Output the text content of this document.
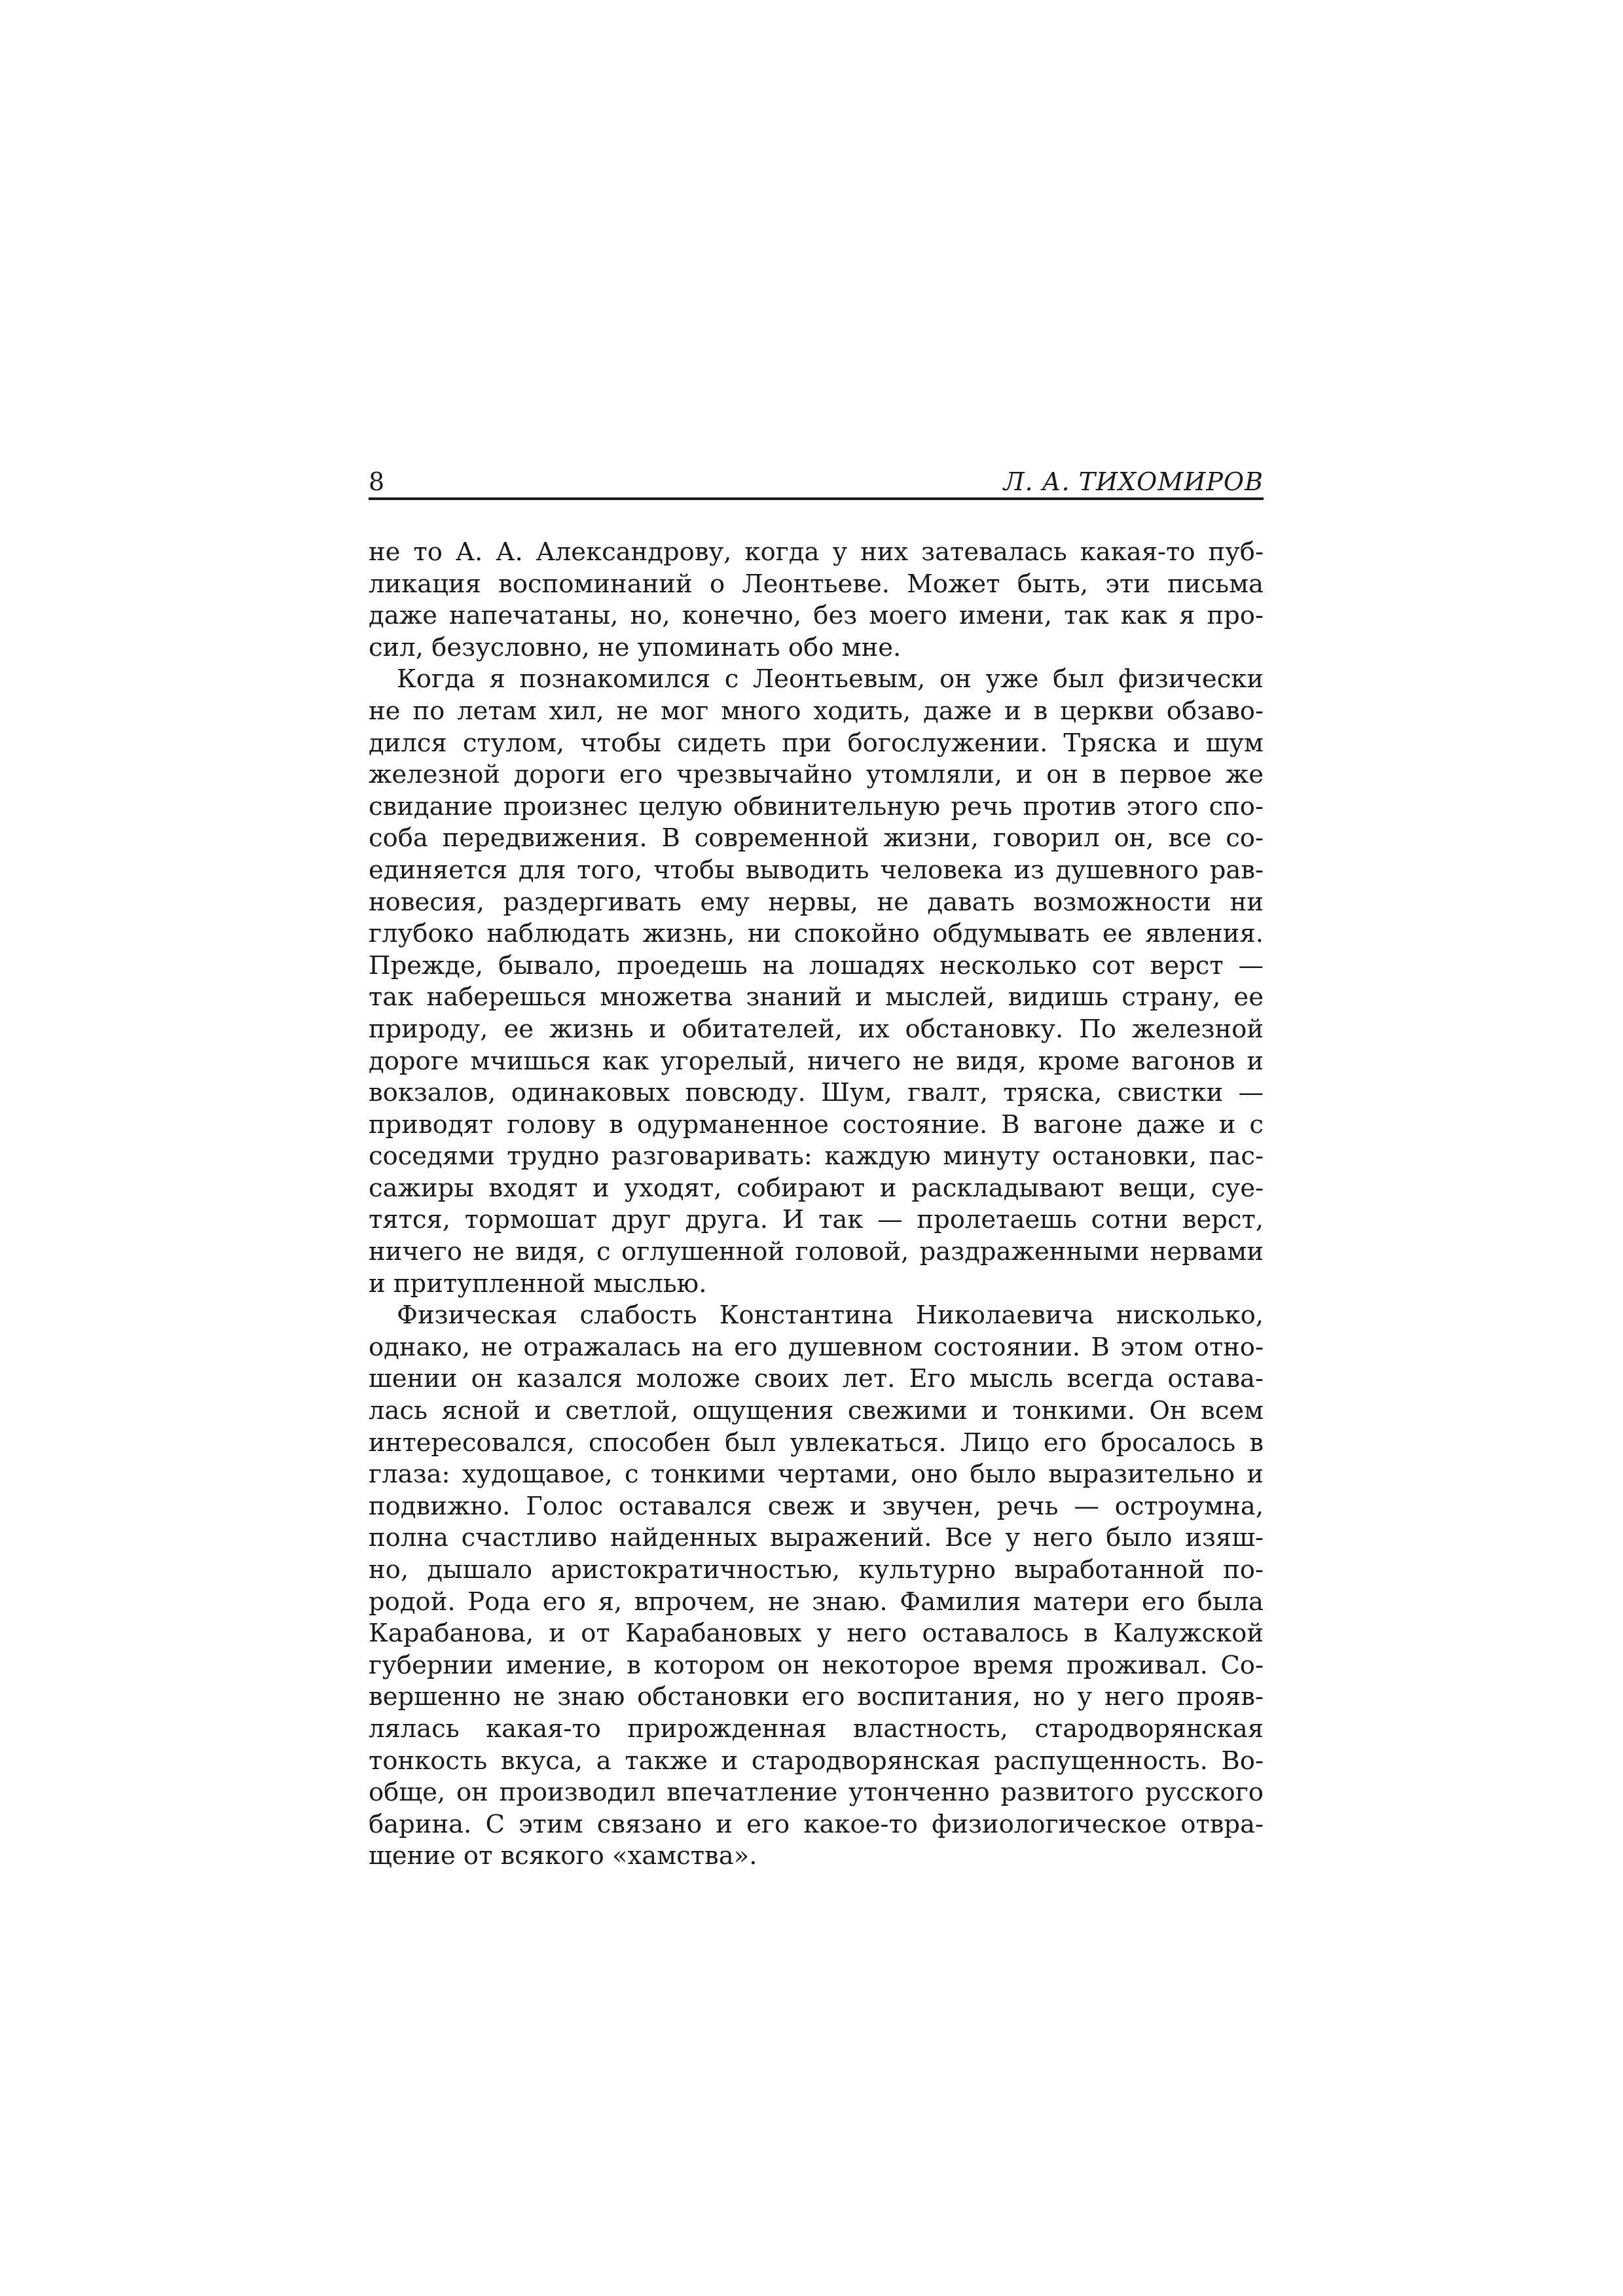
8	Л. А. ТИХОМИРОВ
не то А. А. Александрову, когда у них затевалась какая-то пуб-
ликация воспоминаний о Леонтьеве. Может быть, эти письма
даже напечатаны, но, конечно, без моего имени, так как я про-
сил, безусловно, не упоминать обо мне.
Когда я познакомился с Леонтьевым, он уже был физически
не по летам хил, не мог много ходить, даже и в церкви обзаво-
дился стулом, чтобы сидеть при богослужении. Тряска и шум
железной дороги его чрезвычайно утомляли, и он в первое же
свидание произнес целую обвинительную речь против этого спо-
соба передвижения. В современной жизни, говорил он, все со-
единяется для того, чтобы выводить человека из душевного рав-
новесия, раздергивать ему нервы, не давать возможности ни
глубоко наблюдать жизнь, ни спокойно обдумывать ее явления.
Прежде, бывало, проедешь на лошадях несколько сот верст —
так наберешься множетва знаний и мыслей, видишь страну, ее
природу, ее жизнь и обитателей, их обстановку. По железной
дороге мчишься как угорелый, ничего не видя, кроме вагонов и
вокзалов, одинаковых повсюду. Шум, гвалт, тряска, свистки —
приводят голову в одурманенное состояние. В вагоне даже и с
соседями трудно разговаривать: каждую минуту остановки, пас-
сажиры входят и уходят, собирают и раскладывают вещи, суе-
тятся, тормошат друг друга. И так — пролетаешь сотни верст,
ничего не видя, с оглушенной головой, раздраженными нервами
и притупленной мыслью.
Физическая слабость Константина Николаевича нисколько,
однако, не отражалась на его душевном состоянии. В этом отно-
шении он казался моложе своих лет. Его мысль всегда остава-
лась ясной и светлой, ощущения свежими и тонкими. Он всем
интересовался, способен был увлекаться. Лицо его бросалось в
глаза: худощавое, с тонкими чертами, оно было выразительно и
подвижно. Голос оставался свеж и звучен, речь — остроумна,
полна счастливо найденных выражений. Все у него было изяш-
но, дышало аристократичностью, культурно выработанной по-
родой. Рода его я, впрочем, не знаю. Фамилия матери его была
Карабанова, и от Карабановых у него оставалось в Калужской
губернии имение, в котором он некоторое время проживал. Со-
вершенно не знаю обстановки его воспитания, но у него прояв-
лялась какая-то прирожденная властность, стародворянская
тонкость вкуса, а также и стародворянская распущенность. Во-
обще, он производил впечатление утонченно развитого русского
барина. С этим связано и его какое-то физиологическое отвра-
щение от всякого «хамства».
